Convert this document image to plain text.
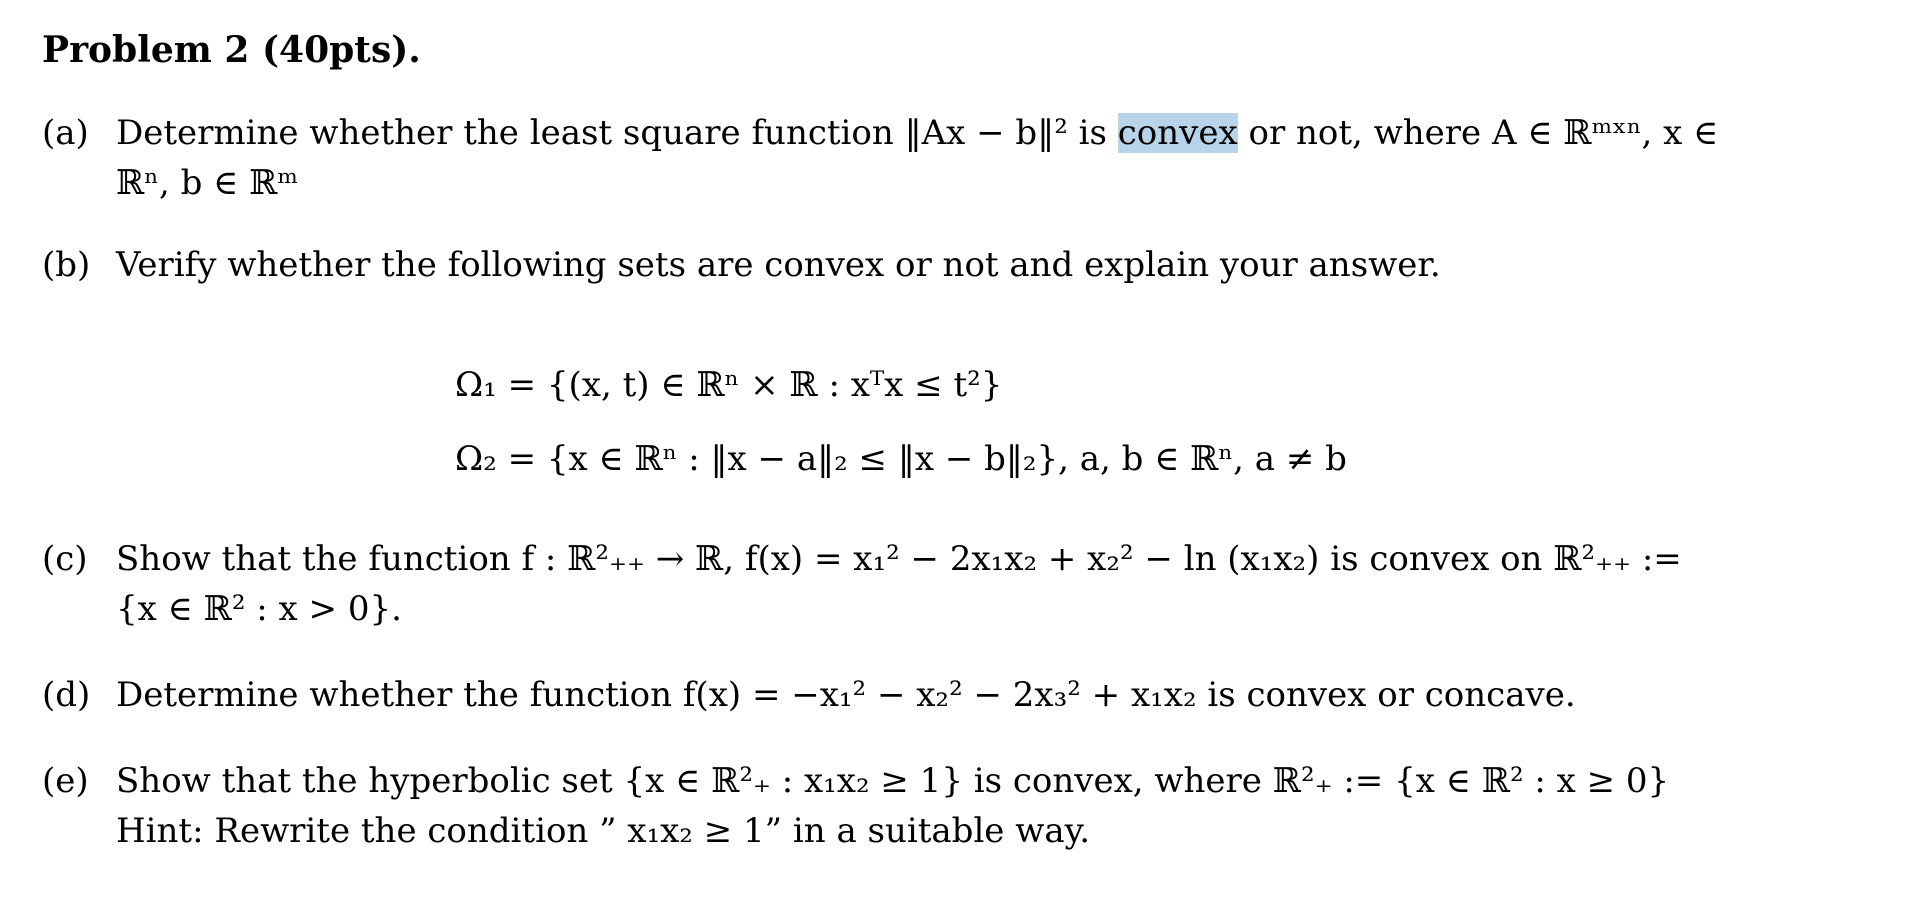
Problem 2 (40pts).
(a) Determine whether the least square function ‖Ax − b‖² is convex or not, where A ∈ ℝᵐˣⁿ, x ∈
ℝⁿ, b ∈ ℝᵐ
(b) Verify whether the following sets are convex or not and explain your answer.
Ω₁ = {(x, t) ∈ ℝⁿ × ℝ : xᵀx ≤ t²}
Ω₂ = {x ∈ ℝⁿ : ‖x − a‖₂ ≤ ‖x − b‖₂}, a, b ∈ ℝⁿ, a ≠ b
(c) Show that the function f : ℝ²₊₊ → ℝ, f(x) = x₁² − 2x₁x₂ + x₂² − ln (x₁x₂) is convex on ℝ²₊₊ :=
{x ∈ ℝ² : x > 0}.
(d) Determine whether the function f(x) = −x₁² − x₂² − 2x₃² + x₁x₂ is convex or concave.
(e) Show that the hyperbolic set {x ∈ ℝ²₊ : x₁x₂ ≥ 1} is convex, where ℝ²₊ := {x ∈ ℝ² : x ≥ 0}
Hint: Rewrite the condition ” x₁x₂ ≥ 1” in a suitable way.
